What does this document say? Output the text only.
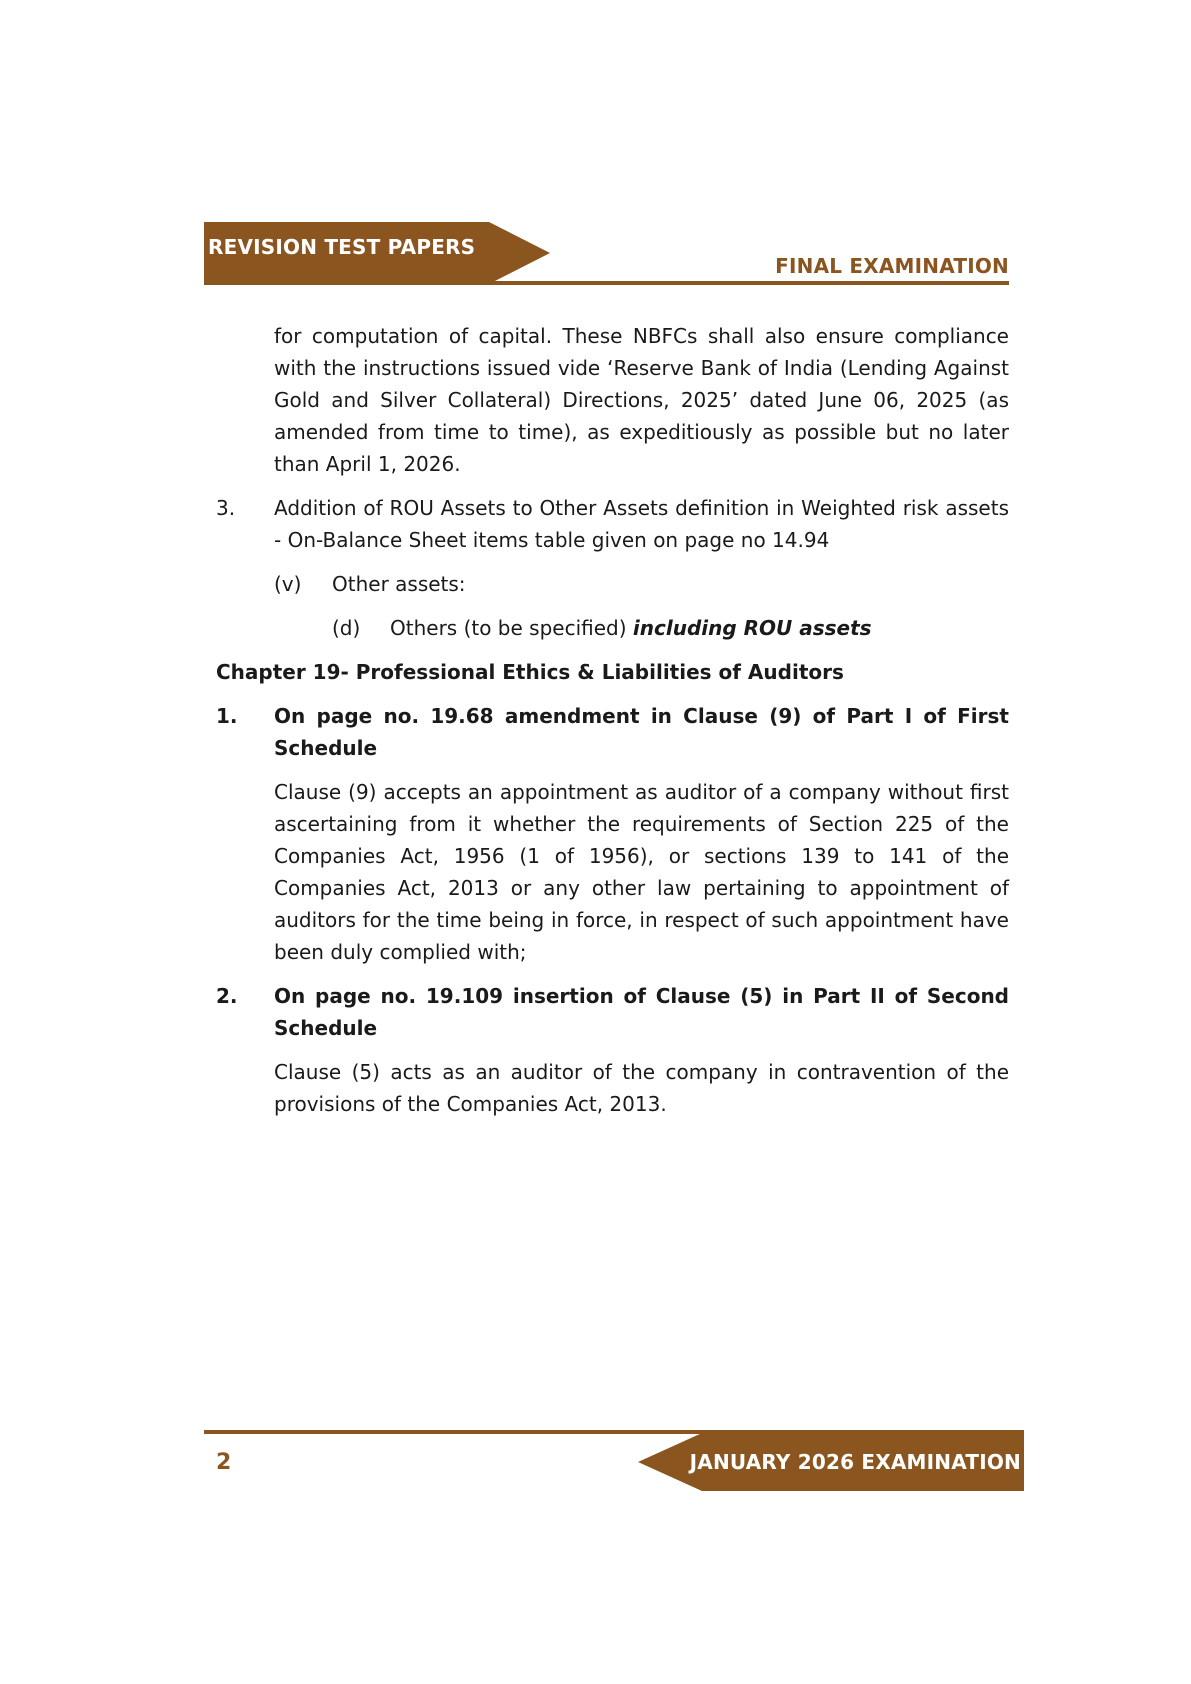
REVISION TEST PAPERS
FINAL EXAMINATION

for computation of capital. These NBFCs shall also ensure compliance with the instructions issued vide ‘Reserve Bank of India (Lending Against Gold and Silver Collateral) Directions, 2025’ dated June 06, 2025 (as amended from time to time), as expeditiously as possible but no later than April 1, 2026.

3.	Addition of ROU Assets to Other Assets definition in Weighted risk assets - On-Balance Sheet items table given on page no 14.94
(v)	Other assets:
(d)	Others (to be specified) including ROU assets
Chapter 19- Professional Ethics & Liabilities of Auditors
1.	On page no. 19.68 amendment in Clause (9) of Part I of First Schedule

Clause (9) accepts an appointment as auditor of a company without first ascertaining from it whether the requirements of Section 225 of the Companies Act, 1956 (1 of 1956), or sections 139 to 141 of the Companies Act, 2013 or any other law pertaining to appointment of auditors for the time being in force, in respect of such appointment have been duly complied with;

2.	On page no. 19.109 insertion of Clause (5) in Part II of Second Schedule

Clause (5) acts as an auditor of the company in contravention of the provisions of the Companies Act, 2013.

2	JANUARY 2026 EXAMINATION
